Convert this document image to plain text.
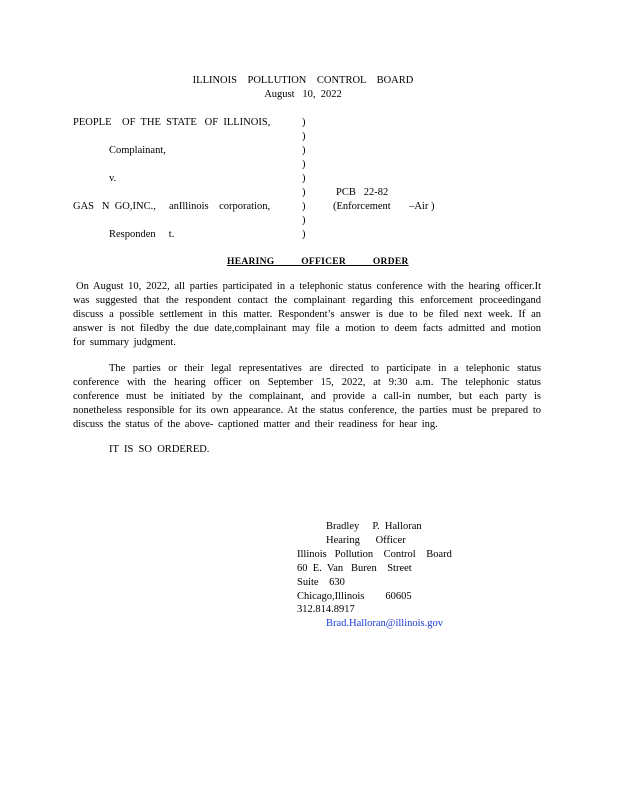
ILLINOIS    POLLUTION    CONTROL    BOARD
August   10,  2022
PEOPLE    OF  THE  STATE   OF  ILLINOIS,
Complainant,
v.
GAS   N  GO,INC.,     anIllinois    corporation,
Responden     t.
)
)
)
)
)
)
)
)
)
PCB   22-82
(Enforcement       –Air )
HEARING          OFFICER          ORDER
On August 10, 2022, all parties participated in a telephonic status conference with the hearing officer.It was suggested that the respondent contact the complainant regarding this enforcement proceedingand discuss a possible settlement in this matter. Respondent’s answer is due to be filed next week. If an answer is not filedby the due date,complainant may file a motion to deem facts admitted and motion for summary judgment.
The parties or their legal representatives are directed to participate in a telephonic status conference with the hearing officer on September 15, 2022, at 9:30 a.m. The telephonic status conference must be initiated by the complainant, and provide a call-in number, but each party is nonetheless responsible for its own appearance. At the status conference, the parties must be prepared to discuss the status of the above- captioned matter and their readiness for hear ing.
IT  IS  SO  ORDERED.
Bradley     P.  Halloran
Hearing      Officer
Illinois   Pollution    Control    Board
60  E.  Van   Buren    Street
Suite    630
Chicago,Illinois        60605
312.814.8917
Brad.Halloran@illinois.gov
